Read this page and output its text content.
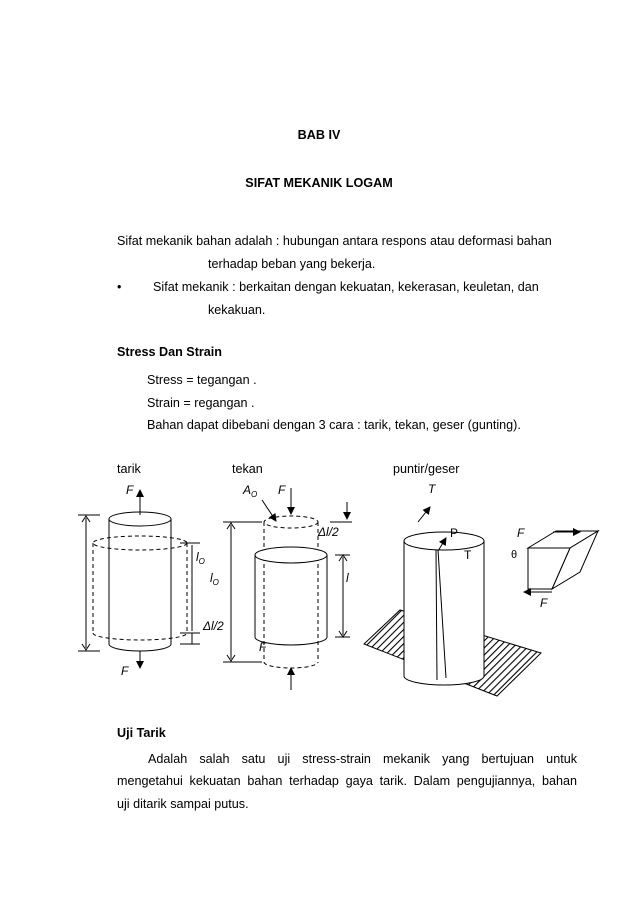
BAB IV
SIFAT MEKANIK LOGAM
Sifat mekanik bahan adalah : hubungan antara respons atau deformasi bahan
terhadap beban yang bekerja.
•	Sifat mekanik : berkaitan dengan kekuatan, kekerasan, keuletan, dan
kekakuan.
Stress Dan Strain
Stress = tegangan .
Strain = regangan .
Bahan dapat dibebani dengan 3 cara : tarik, tekan, geser (gunting).
tarik	tekan	puntir/geser
F
F
$l_O$
Δl/2
$A_O$ F
F
$l_O$	l
Δl/2
T
P
T
F
F
θ
Uji Tarik
Adalah salah satu uji stress-strain mekanik yang bertujuan untuk
mengetahui kekuatan bahan terhadap gaya tarik. Dalam pengujiannya, bahan
uji ditarik sampai putus.
